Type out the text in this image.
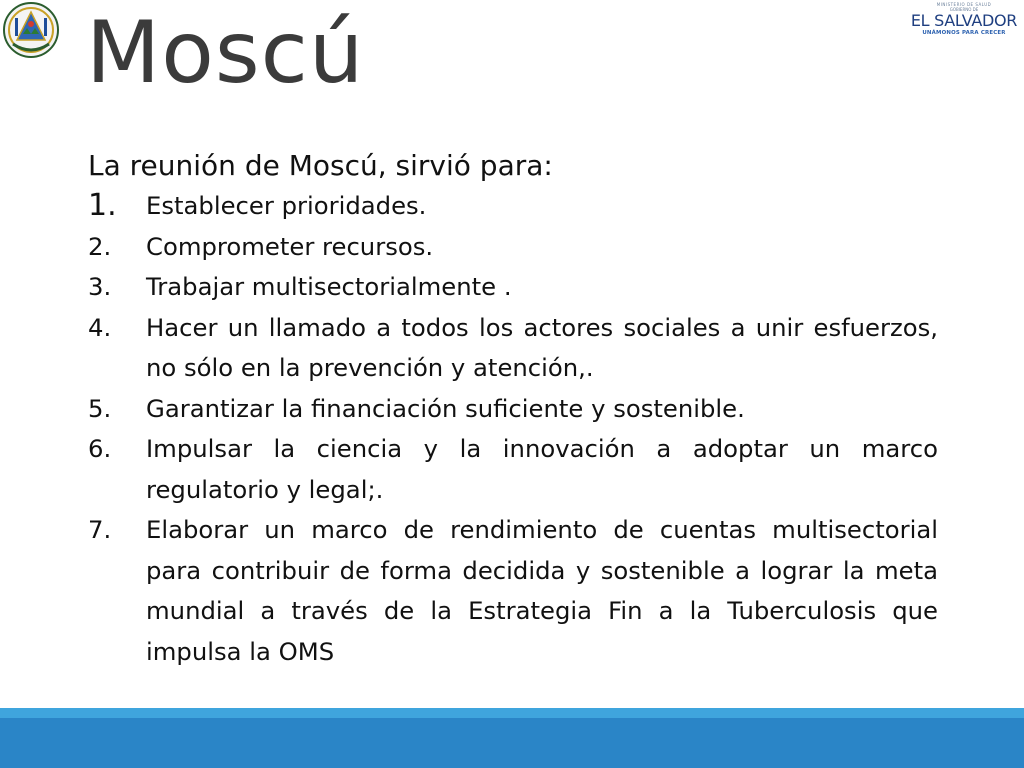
Moscú	MINISTERIO DE SALUD
GOBIERNO DE
EL SALVADOR
UNÁMONOS PARA CRECER

La reunión de Moscú, sirvió para:

1. Establecer prioridades.
2. Comprometer recursos.
3. Trabajar multisectorialmente .
4. Hacer un llamado a todos los actores sociales a unir esfuerzos, no sólo en la prevención y atención,.
5. Garantizar la financiación suficiente y sostenible.
6. Impulsar la ciencia y la innovación a adoptar un marco regulatorio y legal;.
7. Elaborar un marco de rendimiento de cuentas multisectorial para contribuir de forma decidida y sostenible a lograr la meta mundial a través de la Estrategia Fin a la Tuberculosis que impulsa la OMS
